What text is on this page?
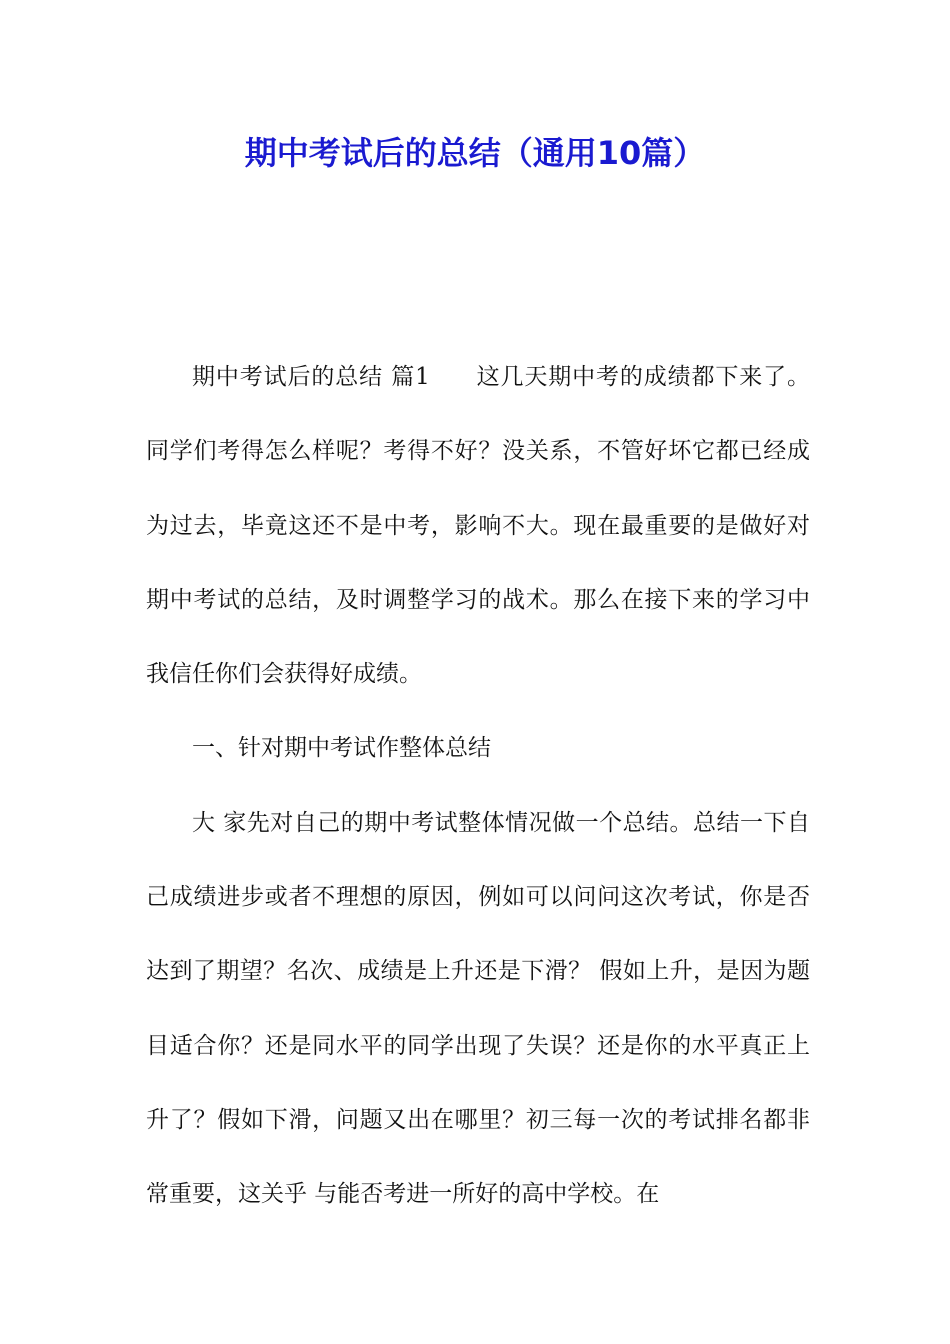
期中考试后的总结（通用10篇）

期中考试后的总结 篇1 这几天期中考的成绩都下来了。同学们考得怎么样呢？考得不好？没关系，不管好坏它都已经成为过去，毕竟这还不是中考，影响不大。现在最重要的是做好对期中考试的总结，及时调整学习的战术。那么在接下来的学习中我信任你们会获得好成绩。

一、针对期中考试作整体总结

大 家先对自己的期中考试整体情况做一个总结。总结一下自己成绩进步或者不理想的原因，例如可以问问这次考试，你是否达到了期望？名次、成绩是上升还是下滑？ 假如上升，是因为题目适合你？还是同水平的同学出现了失误？还是你的水平真正上升了？假如下滑，问题又出在哪里？初三每一次的考试排名都非常重要，这关乎 与能否考进一所好的高中学校。在
